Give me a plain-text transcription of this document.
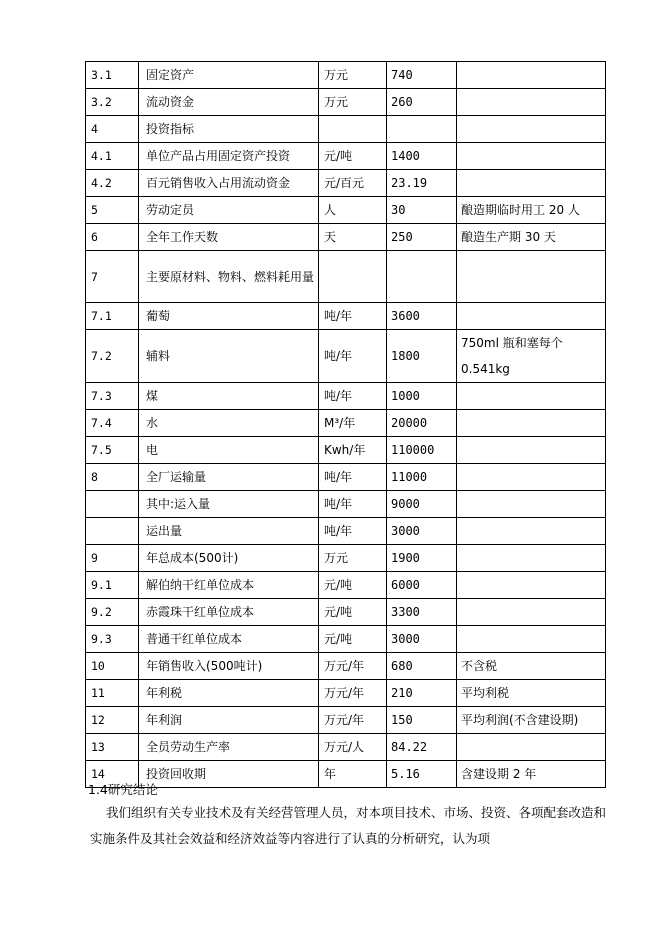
3.1	固定资产	万元	740	
3.2	流动资金	万元	260	
4	投资指标			
4.1	单位产品占用固定资产投资	元/吨	1400	
4.2	百元销售收入占用流动资金	元/百元	23.19	
5	劳动定员	人	30	酿造期临时用工 20 人
6	全年工作天数	天	250	酿造生产期 30 天
7	主要原材料、物料、燃料耗用量			
7.1	葡萄	吨/年	3600	
7.2	辅料	吨/年	1800	750ml 瓶和塞每个 0.541kg
7.3	煤	吨/年	1000	
7.4	水	M³/年	20000	
7.5	电	Kwh/年	110000	
8	全厂运输量	吨/年	11000	
	其中:运入量	吨/年	9000	
	运出量	吨/年	3000	
9	年总成本(500计)	万元	1900	
9.1	解伯纳干红单位成本	元/吨	6000	
9.2	赤霞珠干红单位成本	元/吨	3300	
9.3	普通干红单位成本	元/吨	3000	
10	年销售收入(500吨计)	万元/年	680	不含税
11	年利税	万元/年	210	平均利税
12	年利润	万元/年	150	平均利润(不含建设期)
13	全员劳动生产率	万元/人	84.22	
14	投资回收期	年	5.16	含建设期 2 年
1.4研究结论
我们组织有关专业技术及有关经营管理人员，对本项目技术、市场、投资、各项配套改造和实施条件及其社会效益和经济效益等内容进行了认真的分析研究，认为项
